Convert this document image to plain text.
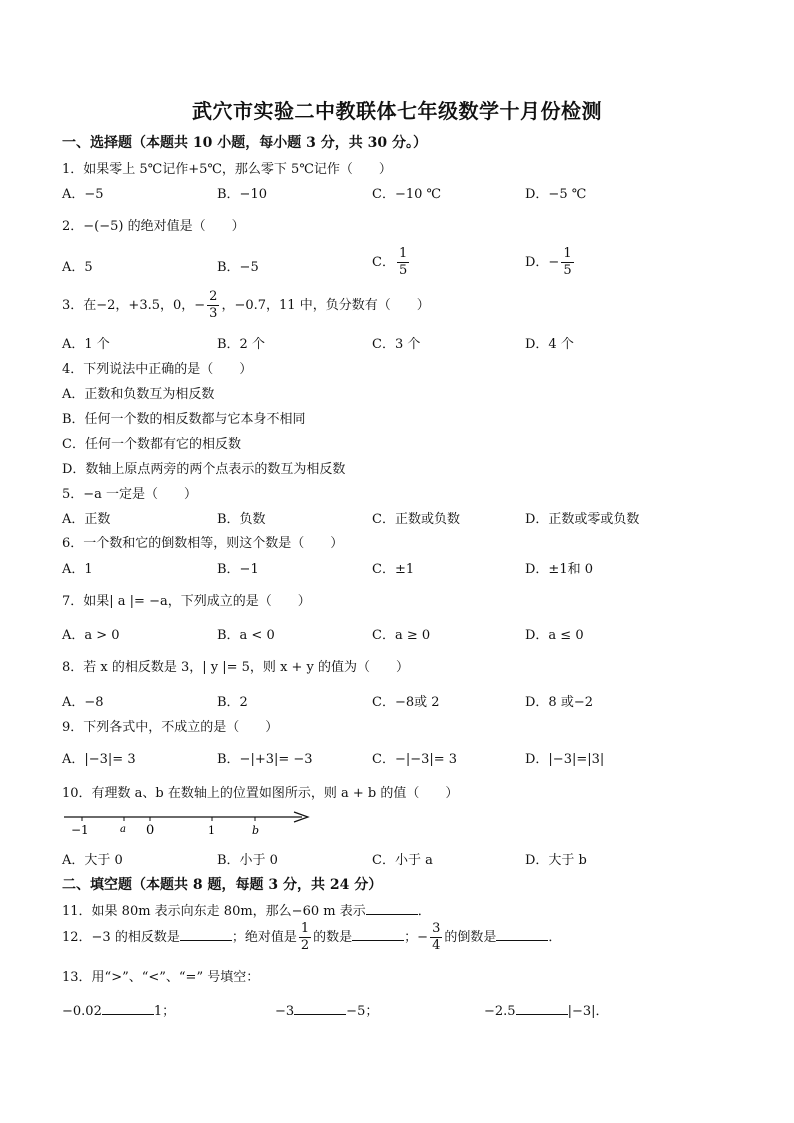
武穴市实验二中教联体七年级数学十月份检测
一、选择题（本题共 10 小题，每小题 3 分，共 30 分。）
1．如果零上 5℃记作+5℃，那么零下 5℃记作（　　）
A．−5	B．−10	C．−10 ℃	D．−5 ℃
2．−(−5) 的绝对值是（　　）
A．5	B．−5	C． $\frac{1}{5}$	D．− $\frac{1}{5}$
3．在−2，+3.5，0，− $\frac{2}{3}$ ，−0.7，11 中，负分数有（　　）
A．1 个	B．2 个	C．3 个	D．4 个
4．下列说法中正确的是（　　）
A．正数和负数互为相反数
B．任何一个数的相反数都与它本身不相同
C．任何一个数都有它的相反数
D．数轴上原点两旁的两个点表示的数互为相反数
5．−a 一定是（　　）
A．正数	B．负数	C．正数或负数	D．正数或零或负数
6．一个数和它的倒数相等，则这个数是（　　）
A．1	B．−1	C．±1	D．±1和 0
7．如果| a |= −a，下列成立的是（　　）
A．a > 0	B．a < 0	C．a ≥ 0	D．a ≤ 0
8．若 x 的相反数是 3，| y |= 5，则 x + y 的值为（　　）
A．−8	B．2	C．−8或 2	D．8 或−2
9．下列各式中，不成立的是（　　）
A．|−3|= 3	B．−|+3|= −3	C．−|−3|= 3	D．|−3|=|3|
10．有理数 a、b 在数轴上的位置如图所示，则 a + b 的值（　　）
−1	a 0	1	b
A．大于 0	B．小于 0	C．小于 a	D．大于 b
二、填空题（本题共 8 题，每题 3 分，共 24 分）
11．如果 80m 表示向东走 80m，那么−60 m 表示	．
12．−3 的相反数是	；绝对值是 $\frac{1}{2}$ 的数是	；− $\frac{3}{4}$ 的倒数是	．
13．用“>”、“<”、“=” 号填空：
−0.02	1；	−3	−5；	−2.5	|−3|．
